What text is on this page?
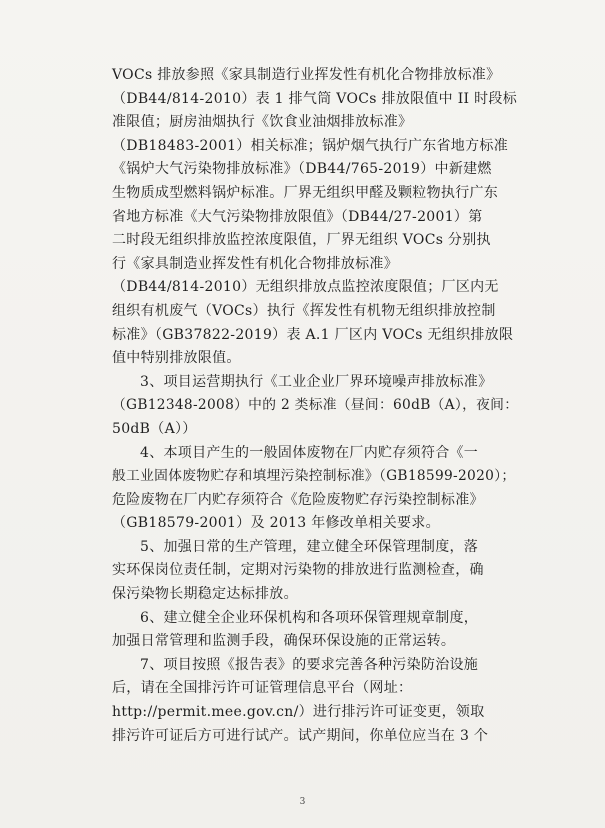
VOCs 排放参照《家具制造行业挥发性有机化合物排放标准》
（DB44/814-2010）表 1 排气筒 VOCs 排放限值中 II 时段标
准限值；厨房油烟执行《饮食业油烟排放标准》
（DB18483-2001）相关标准；锅炉烟气执行广东省地方标准
《锅炉大气污染物排放标准》（DB44/765-2019）中新建燃
生物质成型燃料锅炉标准。厂界无组织甲醛及颗粒物执行广东
省地方标准《大气污染物排放限值》（DB44/27-2001）第
二时段无组织排放监控浓度限值，厂界无组织 VOCs 分别执
行《家具制造业挥发性有机化合物排放标准》
（DB44/814-2010）无组织排放点监控浓度限值；厂区内无
组织有机废气（VOCs）执行《挥发性有机物无组织排放控制
标准》（GB37822-2019）表 A.1 厂区内 VOCs 无组织排放限
值中特别排放限值。
3、项目运营期执行《工业企业厂界环境噪声排放标准》
（GB12348-2008）中的 2 类标准（昼间：60dB（A），夜间：
50dB（A））
4、本项目产生的一般固体废物在厂内贮存须符合《一
般工业固体废物贮存和填埋污染控制标准》（GB18599-2020）；
危险废物在厂内贮存须符合《危险废物贮存污染控制标准》
（GB18579-2001）及 2013 年修改单相关要求。
5、加强日常的生产管理，建立健全环保管理制度，落
实环保岗位责任制，定期对污染物的排放进行监测检查，确
保污染物长期稳定达标排放。
6、建立健全企业环保机构和各项环保管理规章制度，
加强日常管理和监测手段，确保环保设施的正常运转。
7、项目按照《报告表》的要求完善各种污染防治设施
后，请在全国排污许可证管理信息平台（网址：
http://permit.mee.gov.cn/）进行排污许可证变更，领取
排污许可证后方可进行试产。试产期间，你单位应当在 3 个
3
